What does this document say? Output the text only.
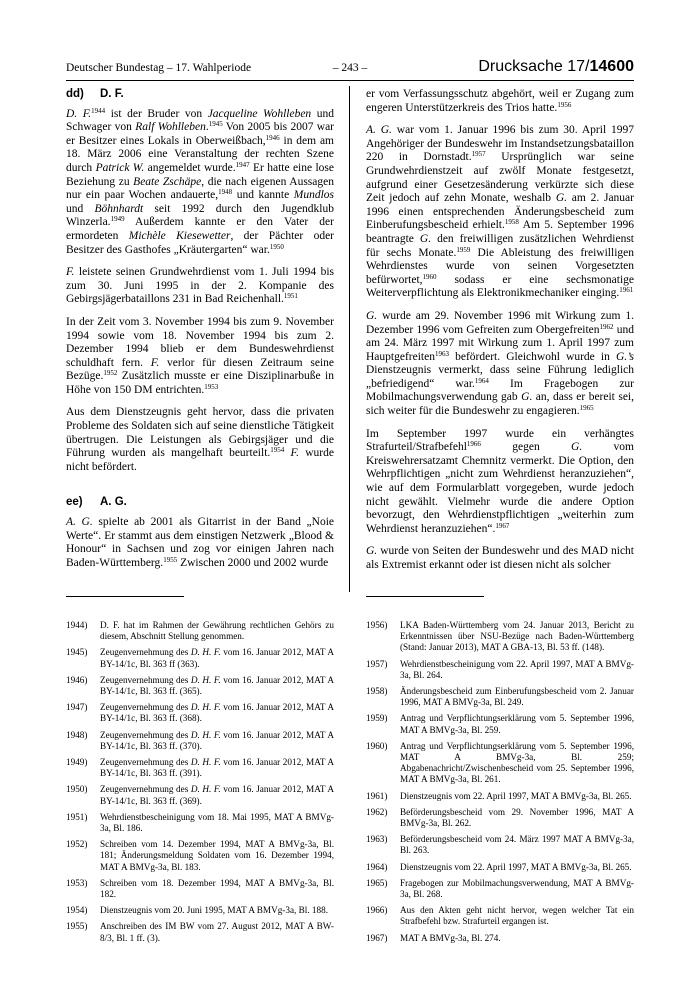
Deutscher Bundestag – 17. Wahlperiode	– 243 –	Drucksache 17/14600
dd) D. F.

D. F.$^{1944}$ ist der Bruder von Jacqueline Wohlleben und Schwager von Ralf Wohlleben.$^{1945}$ Von 2005 bis 2007 war er Besitzer eines Lokals in Oberweißbach,$^{1946}$ in dem am 18. März 2006 eine Veranstaltung der rechten Szene durch Patrick W. angemeldet wurde.$^{1947}$ Er hatte eine lose Beziehung zu Beate Zschäpe, die nach eigenen Aussagen nur ein paar Wochen andauerte,$^{1948}$ und kannte Mundlos und Böhnhardt seit 1992 durch den Jugendklub Winzerla.$^{1949}$ Außerdem kannte er den Vater der ermordeten Michèle Kiesewetter, der Pächter oder Besitzer des Gasthofes „Kräutergarten“ war.$^{1950}$

F. leistete seinen Grundwehrdienst vom 1. Juli 1994 bis zum 30. Juni 1995 in der 2. Kompanie des Gebirgsjägerbataillons 231 in Bad Reichenhall.$^{1951}$

In der Zeit vom 3. November 1994 bis zum 9. November 1994 sowie vom 18. November 1994 bis zum 2. Dezember 1994 blieb er dem Bundeswehrdienst schuldhaft fern. F. verlor für diesen Zeitraum seine Bezüge.$^{1952}$ Zusätzlich musste er eine Disziplinarbuße in Höhe von 150 DM entrichten.$^{1953}$

Aus dem Dienstzeugnis geht hervor, dass die privaten Probleme des Soldaten sich auf seine dienstliche Tätigkeit übertrugen. Die Leistungen als Gebirgsjäger und die Führung wurden als mangelhaft beurteilt.$^{1954}$ F. wurde nicht befördert.

ee) A. G.

A. G. spielte ab 2001 als Gitarrist in der Band „Noie Werte“. Er stammt aus dem einstigen Netzwerk „Blood & Honour“ in Sachsen und zog vor einigen Jahren nach Baden-Württemberg.$^{1955}$ Zwischen 2000 und 2002 wurde

er vom Verfassungsschutz abgehört, weil er Zugang zum engeren Unterstützerkreis des Trios hatte.$^{1956}$

A. G. war vom 1. Januar 1996 bis zum 30. April 1997 Angehöriger der Bundeswehr im Instandsetzungsbataillon 220 in Dornstadt.$^{1957}$ Ursprünglich war seine Grundwehrdienstzeit auf zwölf Monate festgesetzt, aufgrund einer Gesetzesänderung verkürzte sich diese Zeit jedoch auf zehn Monate, weshalb G. am 2. Januar 1996 einen entsprechenden Änderungsbescheid zum Einberufungsbescheid erhielt.$^{1958}$ Am 5. September 1996 beantragte G. den freiwilligen zusätzlichen Wehrdienst für sechs Monate.$^{1959}$ Die Ableistung des freiwilligen Wehrdienstes wurde von seinen Vorgesetzten befürwortet,$^{1960}$ sodass er eine sechsmonatige Weiterverpflichtung als Elektronikmechaniker einging.$^{1961}$

G. wurde am 29. November 1996 mit Wirkung zum 1. Dezember 1996 vom Gefreiten zum Obergefreiten$^{1962}$ und am 24. März 1997 mit Wirkung zum 1. April 1997 zum Hauptgefreiten$^{1963}$ befördert. Gleichwohl wurde in G.’s Dienstzeugnis vermerkt, dass seine Führung lediglich „befriedigend“ war.$^{1964}$ Im Fragebogen zur Mobilmachungsverwendung gab G. an, dass er bereit sei, sich weiter für die Bundeswehr zu engagieren.$^{1965}$

Im September 1997 wurde ein verhängtes Strafurteil/Strafbefehl$^{1966}$ gegen G. vom Kreiswehrersatzamt Chemnitz vermerkt. Die Option, den Wehrpflichtigen „nicht zum Wehrdienst heranzuziehen“, wie auf dem Formularblatt vorgegeben, wurde jedoch nicht gewählt. Vielmehr wurde die andere Option bevorzugt, den Wehrdienstpflichtigen „weiterhin zum Wehrdienst heranzuziehen“.$^{1967}$

G. wurde von Seiten der Bundeswehr und des MAD nicht als Extremist erkannt oder ist diesen nicht als solcher

1944)	D. F. hat im Rahmen der Gewährung rechtlichen Gehörs zu diesem, Abschnitt Stellung genommen.
1945)	Zeugenvernehmung des D. H. F. vom 16. Januar 2012, MAT A BY-14/1c, Bl. 363 ff (363).
1946)	Zeugenvernehmung des D. H. F. vom 16. Januar 2012, MAT A BY-14/1c, Bl. 363 ff. (365).
1947)	Zeugenvernehmung des D. H. F. vom 16. Januar 2012, MAT A BY-14/1c, Bl. 363 ff. (368).
1948)	Zeugenvernehmung des D. H. F. vom 16. Januar 2012, MAT A BY-14/1c, Bl. 363 ff. (370).
1949)	Zeugenvernehmung des D. H. F. vom 16. Januar 2012, MAT A BY-14/1c, Bl. 363 ff. (391).
1950)	Zeugenvernehmung des D. H. F. vom 16. Januar 2012, MAT A BY-14/1c, Bl. 363 ff. (369).
1951)	Wehrdienstbescheinigung vom 18. Mai 1995, MAT A BMVg-3a, Bl. 186.
1952)	Schreiben vom 14. Dezember 1994, MAT A BMVg-3a, Bl. 181; Änderungsmeldung Soldaten vom 16. Dezember 1994, MAT A BMVg-3a, Bl. 183.
1953)	Schreiben vom 18. Dezember 1994, MAT A BMVg-3a, Bl. 182.
1954)	Dienstzeugnis vom 20. Juni 1995, MAT A BMVg-3a, Bl. 188.
1955)	Anschreiben des IM BW vom 27. August 2012, MAT A BW-8/3, Bl. 1 ff. (3).
1956)	LKA Baden-Württemberg vom 24. Januar 2013, Bericht zu Erkenntnissen über NSU-Bezüge nach Baden-Württemberg (Stand: Januar 2013), MAT A GBA-13, Bl. 53 ff. (148).
1957)	Wehrdienstbescheinigung vom 22. April 1997, MAT A BMVg-3a, Bl. 264.
1958)	Änderungsbescheid zum Einberufungsbescheid vom 2. Januar 1996, MAT A BMVg-3a, Bl. 249.
1959)	Antrag und Verpflichtungserklärung vom 5. September 1996, MAT A BMVg-3a, Bl. 259.
1960)	Antrag und Verpflichtungserklärung vom 5. September 1996, MAT A BMVg-3a, Bl. 259; Abgabenachricht/Zwischenbescheid vom 25. September 1996, MAT A BMVg-3a, Bl. 261.
1961)	Dienstzeugnis vom 22. April 1997, MAT A BMVg-3a, Bl. 265.
1962)	Beförderungsbescheid vom 29. November 1996, MAT A BMVg-3a, Bl. 262.
1963)	Beförderungsbescheid vom 24. März 1997 MAT A BMVg-3a, Bl. 263.
1964)	Dienstzeugnis vom 22. April 1997, MAT A BMVg-3a, Bl. 265.
1965)	Fragebogen zur Mobilmachungsverwendung, MAT A BMVg-3a, Bl. 268.
1966)	Aus den Akten geht nicht hervor, wegen welcher Tat ein Strafbefehl bzw. Strafurteil ergangen ist.
1967)	MAT A BMVg-3a, Bl. 274.
